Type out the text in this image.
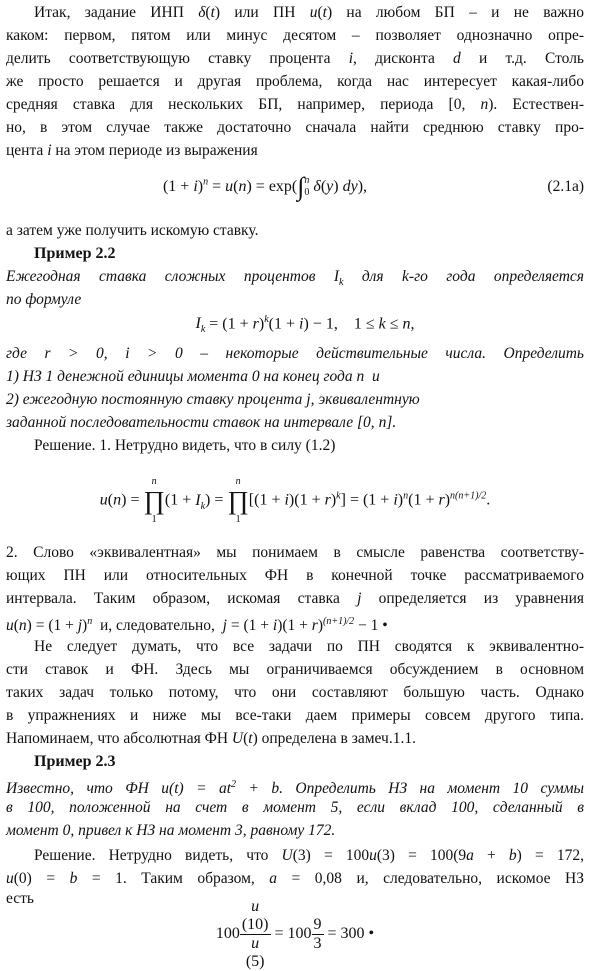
Итак, задание ИНП δ(t) или ПН u(t) на любом БП – и не важно
каком: первом, пятом или минус десятом – позволяет однозначно опре-
делить соответствующую ставку процента i, дисконта d и т.д. Столь
же просто решается и другая проблема, когда нас интересует какая-либо
средняя ставка для нескольких БП, например, периода [0, n). Естествен-
но, в этом случае также достаточно сначала найти среднюю ставку про-
цента i на этом периоде из выражения
$(1 + i)^n = u(n) = \exp(\int$ n
0 δ(y) dy),	(2.1a)
а затем уже получить искомую ставку.
Пример 2.2
Ежегодная ставка сложных процентов $I_k$ для k-го года определяется
по формуле
$I_k = (1 + r)^k(1 + i) - 1$,    1 ≤ k ≤ n,
где r > 0, i > 0 – некоторые действительные числа. Определить
1) НЗ 1 денежной единицы момента 0 на конец года n  и
2) ежегодную постоянную ставку процента j, эквивалентную
заданной последовательности ставок на интервале [0, n].
Решение. 1. Нетрудно видеть, что в силу (1.2)
u(n) =
n
∏
1
$(1 + I_k)$ =
n
∏
1
$[(1 + i)(1 + r)^k] = (1 + i)^n(1 + r)^{n(n+1)/2}$.
2. Слово «эквивалентная» мы понимаем в смысле равенства соответству-
ющих ПН или относительных ФН в конечной точке рассматриваемого
интервала. Таким образом, искомая ставка j определяется из уравнения
$u(n) = (1 + j)^n$  и, следовательно,  $j = (1 + i)(1 + r)^{(n+1)/2} - 1$ •
Не следует думать, что все задачи по ПН сводятся к эквивалентно-
сти ставок и ФН. Здесь мы ограничиваемся обсуждением в основном
таких задач только потому, что они составляют большую часть. Однако
в упражнениях и ниже мы все-таки даем примеры совсем другого типа.
Напоминаем, что абсолютная ФН U(t) определена в замеч.1.1.
Пример 2.3
Известно, что ФН $u(t) = at^2 + b$. Определить НЗ на момент 10 суммы
в 100, положенной на счет в момент 5, если вклад 100, сделанный в
момент 0, привел к НЗ на момент 3, равному 172.
Решение. Нетрудно видеть, что U(3) = 100u(3) = 100(9a + b) = 172,
u(0) = b = 1. Таким образом, a = 0,08 и, следовательно, искомое НЗ
есть
100 u
(10)
u
$(5) = 100 \frac{9}{3} = 300$ •
